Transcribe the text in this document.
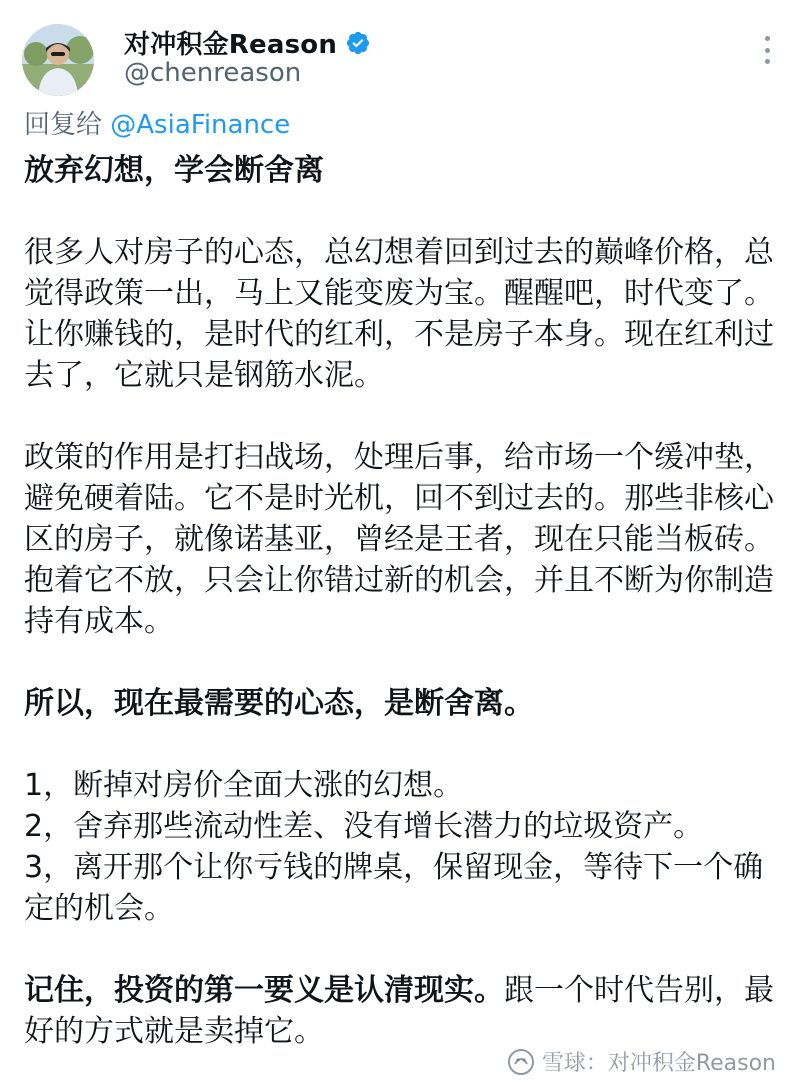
对冲积金Reason
@chenreason
回复给 @AsiaFinance

放弃幻想，学会断舍离

很多人对房子的心态，总幻想着回到过去的巅峰价格，总觉得政策一出，马上又能变废为宝。醒醒吧，时代变了。让你赚钱的，是时代的红利，不是房子本身。现在红利过去了，它就只是钢筋水泥。

政策的作用是打扫战场，处理后事，给市场一个缓冲垫，避免硬着陆。它不是时光机，回不到过去的。那些非核心区的房子，就像诺基亚，曾经是王者，现在只能当板砖。抱着它不放，只会让你错过新的机会，并且不断为你制造持有成本。

所以，现在最需要的心态，是断舍离。

1，断掉对房价全面大涨的幻想。

2，舍弃那些流动性差、没有增长潜力的垃圾资产。

3，离开那个让你亏钱的牌桌，保留现金，等待下一个确定的机会。

记住，投资的第一要义是认清现实。跟一个时代告别，最好的方式就是卖掉它。

雪球：对冲积金Reason
